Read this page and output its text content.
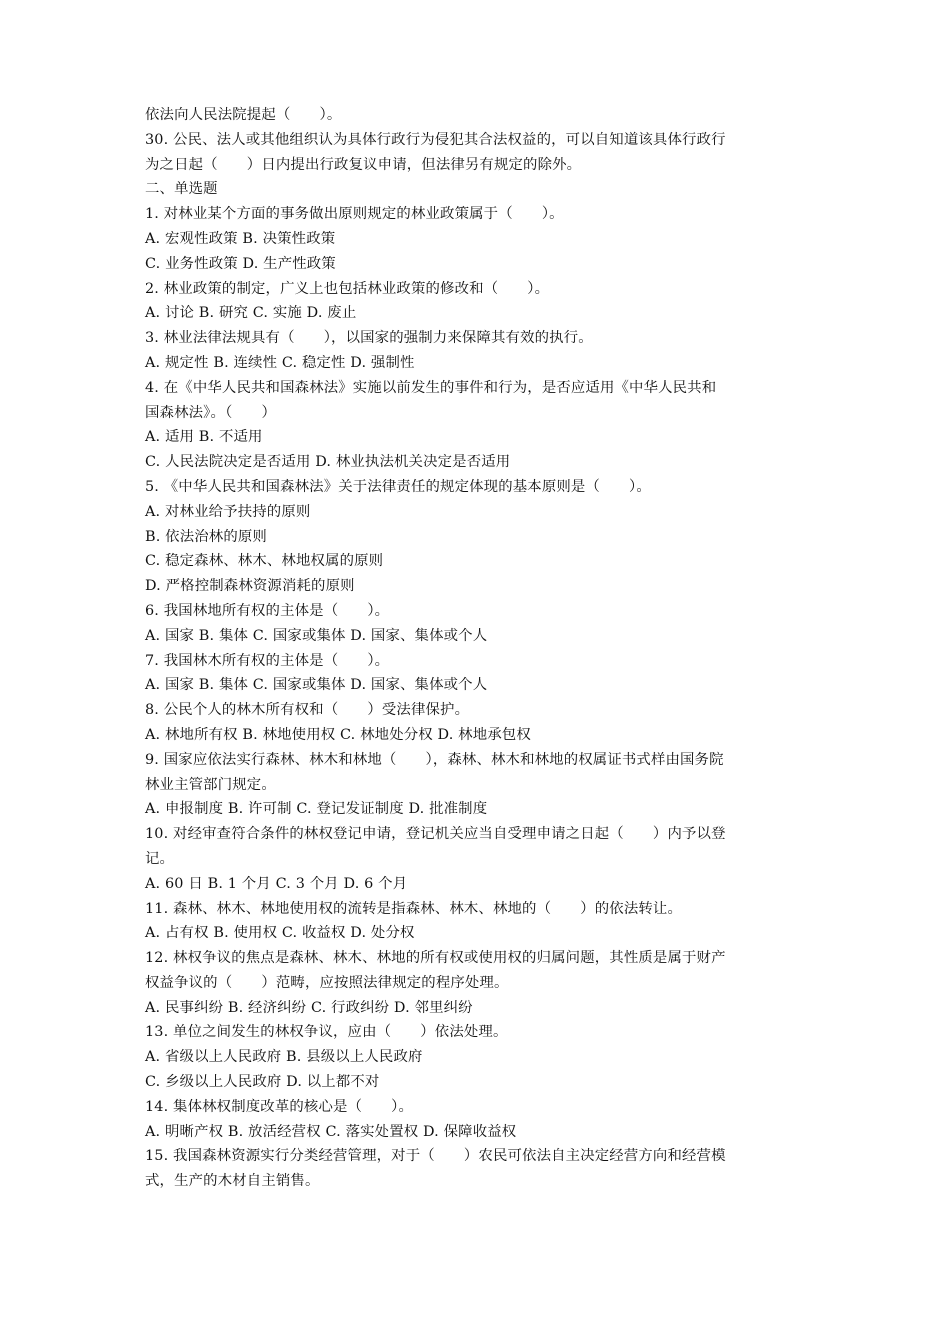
依法向人民法院提起（　　）。
30. 公民、法人或其他组织认为具体行政行为侵犯其合法权益的，可以自知道该具体行政行
为之日起（　　）日内提出行政复议申请，但法律另有规定的除外。
二、单选题
1. 对林业某个方面的事务做出原则规定的林业政策属于（　　）。
A. 宏观性政策 B. 决策性政策
C. 业务性政策 D. 生产性政策
2. 林业政策的制定，广义上也包括林业政策的修改和（　　）。
A. 讨论 B. 研究 C. 实施 D. 废止
3. 林业法律法规具有（　　），以国家的强制力来保障其有效的执行。
A. 规定性 B. 连续性 C. 稳定性 D. 强制性
4. 在《中华人民共和国森林法》实施以前发生的事件和行为，是否应适用《中华人民共和
国森林法》。（　　）
A. 适用 B. 不适用
C. 人民法院决定是否适用 D. 林业执法机关决定是否适用
5. 《中华人民共和国森林法》关于法律责任的规定体现的基本原则是（　　）。
A. 对林业给予扶持的原则
B. 依法治林的原则
C. 稳定森林、林木、林地权属的原则
D. 严格控制森林资源消耗的原则
6. 我国林地所有权的主体是（　　）。
A. 国家 B. 集体 C. 国家或集体 D. 国家、集体或个人
7. 我国林木所有权的主体是（　　）。
A. 国家 B. 集体 C. 国家或集体 D. 国家、集体或个人
8. 公民个人的林木所有权和（　　）受法律保护。
A. 林地所有权 B. 林地使用权 C. 林地处分权 D. 林地承包权
9. 国家应依法实行森林、林木和林地（　　），森林、林木和林地的权属证书式样由国务院
林业主管部门规定。
A. 申报制度 B. 许可制 C. 登记发证制度 D. 批准制度
10. 对经审查符合条件的林权登记申请，登记机关应当自受理申请之日起（　　）内予以登
记。
A. 60 日 B. 1 个月 C. 3 个月 D. 6 个月
11. 森林、林木、林地使用权的流转是指森林、林木、林地的（　　）的依法转让。
A. 占有权 B. 使用权 C. 收益权 D. 处分权
12. 林权争议的焦点是森林、林木、林地的所有权或使用权的归属问题，其性质是属于财产
权益争议的（　　）范畴，应按照法律规定的程序处理。
A. 民事纠纷 B. 经济纠纷 C. 行政纠纷 D. 邻里纠纷
13. 单位之间发生的林权争议，应由（　　）依法处理。
A. 省级以上人民政府 B. 县级以上人民政府
C. 乡级以上人民政府 D. 以上都不对
14. 集体林权制度改革的核心是（　　）。
A. 明晰产权 B. 放活经营权 C. 落实处置权 D. 保障收益权
15. 我国森林资源实行分类经营管理，对于（　　）农民可依法自主决定经营方向和经营模
式，生产的木材自主销售。
